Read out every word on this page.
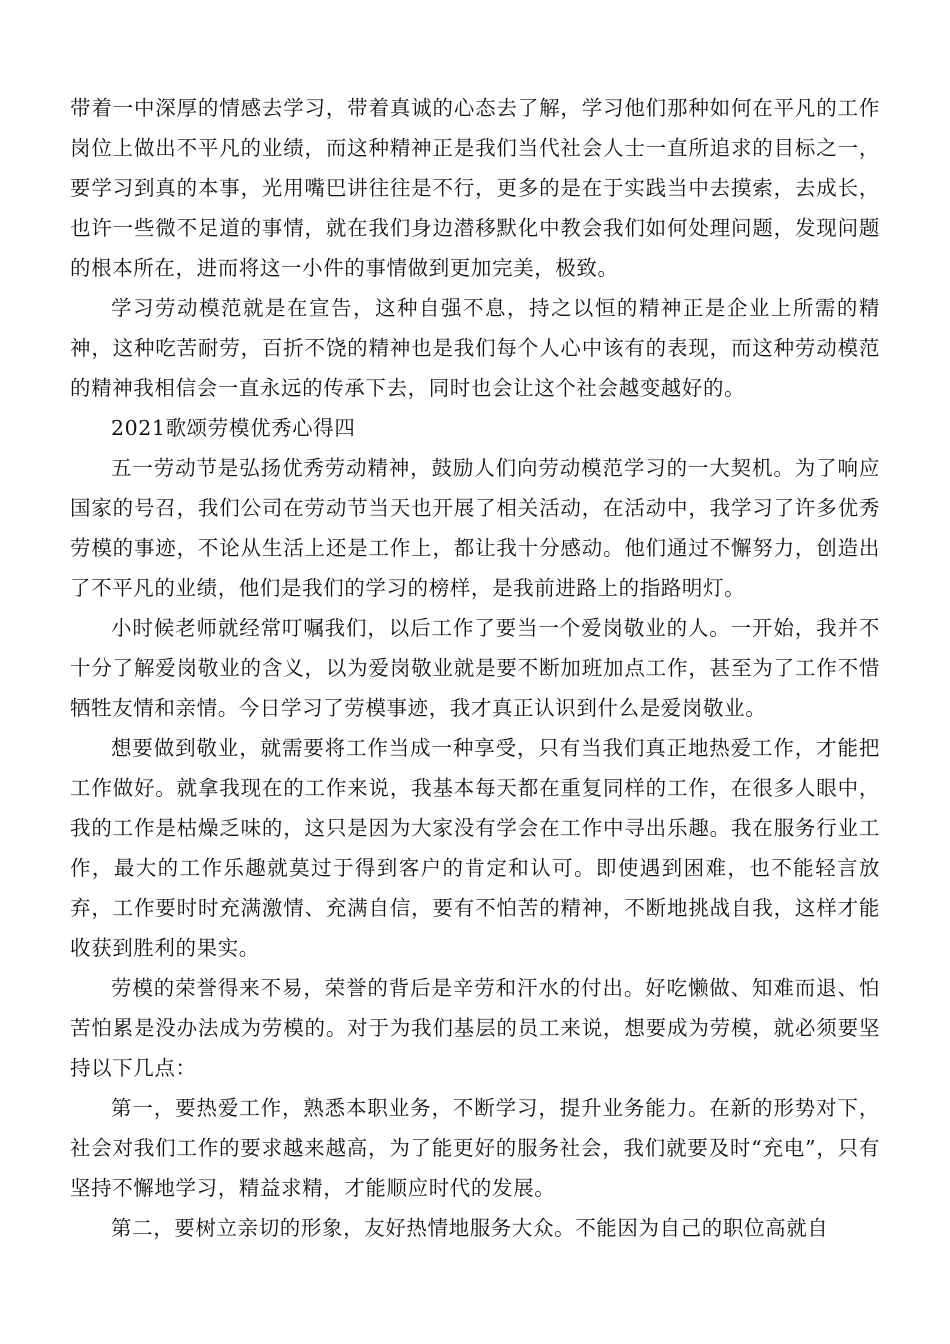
带着一中深厚的情感去学习，带着真诚的心态去了解，学习他们那种如何在平凡的工作岗位上做出不平凡的业绩，而这种精神正是我们当代社会人士一直所追求的目标之一，要学习到真的本事，光用嘴巴讲往往是不行，更多的是在于实践当中去摸索，去成长，也许一些微不足道的事情，就在我们身边潜移默化中教会我们如何处理问题，发现问题的根本所在，进而将这一小件的事情做到更加完美，极致。

学习劳动模范就是在宣告，这种自强不息，持之以恒的精神正是企业上所需的精神，这种吃苦耐劳，百折不饶的精神也是我们每个人心中该有的表现，而这种劳动模范的精神我相信会一直永远的传承下去，同时也会让这个社会越变越好的。

2021歌颂劳模优秀心得四

五一劳动节是弘扬优秀劳动精神，鼓励人们向劳动模范学习的一大契机。为了响应国家的号召，我们公司在劳动节当天也开展了相关活动，在活动中，我学习了许多优秀劳模的事迹，不论从生活上还是工作上，都让我十分感动。他们通过不懈努力，创造出了不平凡的业绩，他们是我们的学习的榜样，是我前进路上的指路明灯。

小时候老师就经常叮嘱我们，以后工作了要当一个爱岗敬业的人。一开始，我并不十分了解爱岗敬业的含义，以为爱岗敬业就是要不断加班加点工作，甚至为了工作不惜牺牲友情和亲情。今日学习了劳模事迹，我才真正认识到什么是爱岗敬业。

想要做到敬业，就需要将工作当成一种享受，只有当我们真正地热爱工作，才能把工作做好。就拿我现在的工作来说，我基本每天都在重复同样的工作，在很多人眼中，我的工作是枯燥乏味的，这只是因为大家没有学会在工作中寻出乐趣。我在服务行业工作，最大的工作乐趣就莫过于得到客户的肯定和认可。即使遇到困难，也不能轻言放弃，工作要时时充满激情、充满自信，要有不怕苦的精神，不断地挑战自我，这样才能收获到胜利的果实。

劳模的荣誉得来不易，荣誉的背后是辛劳和汗水的付出。好吃懒做、知难而退、怕苦怕累是没办法成为劳模的。对于为我们基层的员工来说，想要成为劳模，就必须要坚持以下几点：

第一，要热爱工作，熟悉本职业务，不断学习，提升业务能力。在新的形势对下，社会对我们工作的要求越来越高，为了能更好的服务社会，我们就要及时“充电”，只有坚持不懈地学习，精益求精，才能顺应时代的发展。

第二，要树立亲切的形象，友好热情地服务大众。不能因为自己的职位高就自
